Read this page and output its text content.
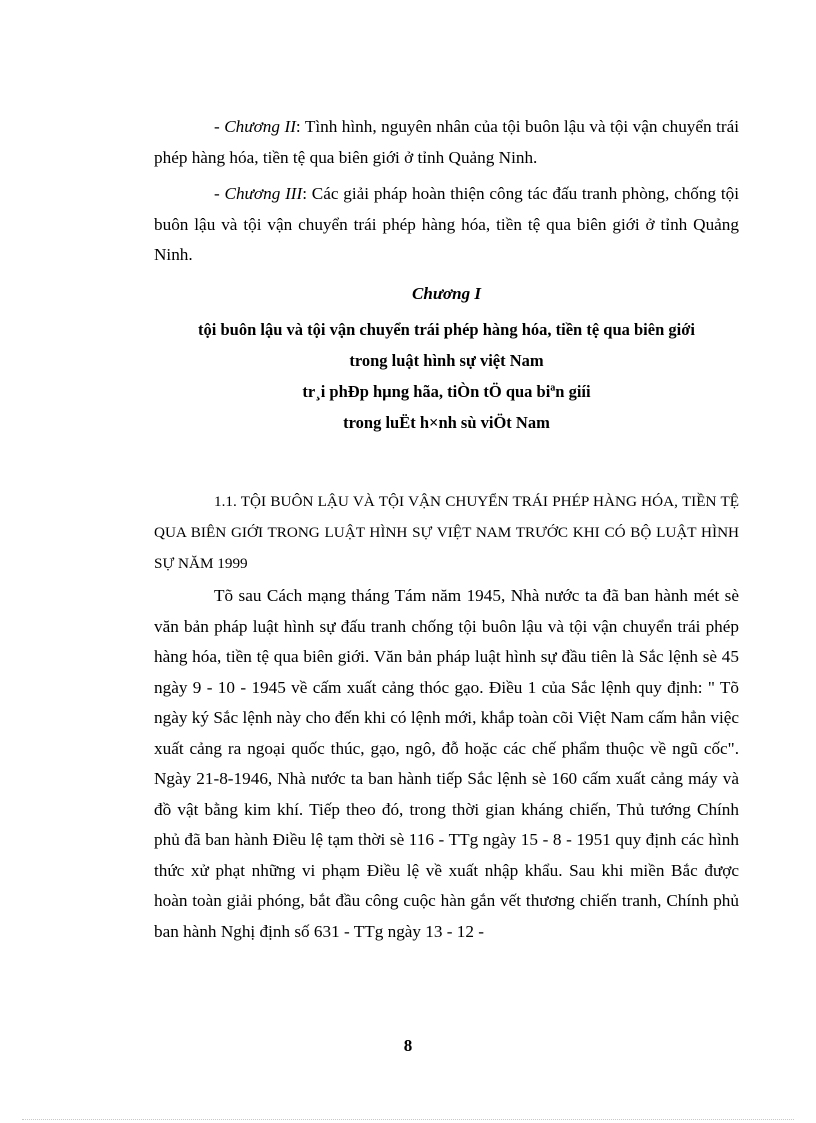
- Chương II: Tình hình, nguyên nhân của tội buôn lậu và tội vận chuyển trái phép hàng hóa, tiền tệ qua biên giới ở tỉnh Quảng Ninh.
- Chương III: Các giải pháp hoàn thiện công tác đấu tranh phòng, chống tội buôn lậu và tội vận chuyển trái phép hàng hóa, tiền tệ qua biên giới ở tỉnh Quảng Ninh.
Chương I
tội buôn lậu và tội vận chuyển trái phép hàng hóa, tiền tệ qua biên giới
trong luật hình sự việt Nam
tr¸i phÐp hµng hãa, tiÒn tÖ qua biªn giíi
trong luËt h×nh sù viÖt Nam
1.1. TỘI BUÔN LẬU VÀ TỘI VẬN CHUYỂN TRÁI PHÉP HÀNG HÓA, TIỀN TỆ QUA BIÊN GIỚI TRONG LUẬT HÌNH SỰ VIỆT NAM TRƯỚC KHI CÓ BỘ LUẬT HÌNH SỰ NĂM 1999
Tõ sau Cách mạng tháng Tám năm 1945, Nhà nước ta đã ban hành mét sè văn bản pháp luật hình sự đấu tranh chống tội buôn lậu và tội vận chuyển trái phép hàng hóa, tiền tệ qua biên giới. Văn bản pháp luật hình sự đầu tiên là Sắc lệnh sè 45 ngày 9 - 10 - 1945 về cấm xuất cảng thóc gạo. Điều 1 của Sắc lệnh quy định: " Tõ ngày ký Sắc lệnh này cho đến khi có lệnh mới, khắp toàn cõi Việt Nam cấm hẳn việc xuất cảng ra ngoại quốc thúc, gạo, ngô, đỗ hoặc các chế phẩm thuộc về ngũ cốc". Ngày 21-8-1946, Nhà nước ta ban hành tiếp Sắc lệnh sè 160 cấm xuất cảng máy và đồ vật bằng kim khí. Tiếp theo đó, trong thời gian kháng chiến, Thủ tướng Chính phủ đã ban hành Điều lệ tạm thời sè 116 - TTg ngày 15 - 8 - 1951 quy định các hình thức xử phạt những vi phạm Điều lệ về xuất nhập khẩu. Sau khi miền Bắc được hoàn toàn giải phóng, bắt đầu công cuộc hàn gắn vết thương chiến tranh, Chính phủ ban hành Nghị định số 631 - TTg ngày 13 - 12 -
8
